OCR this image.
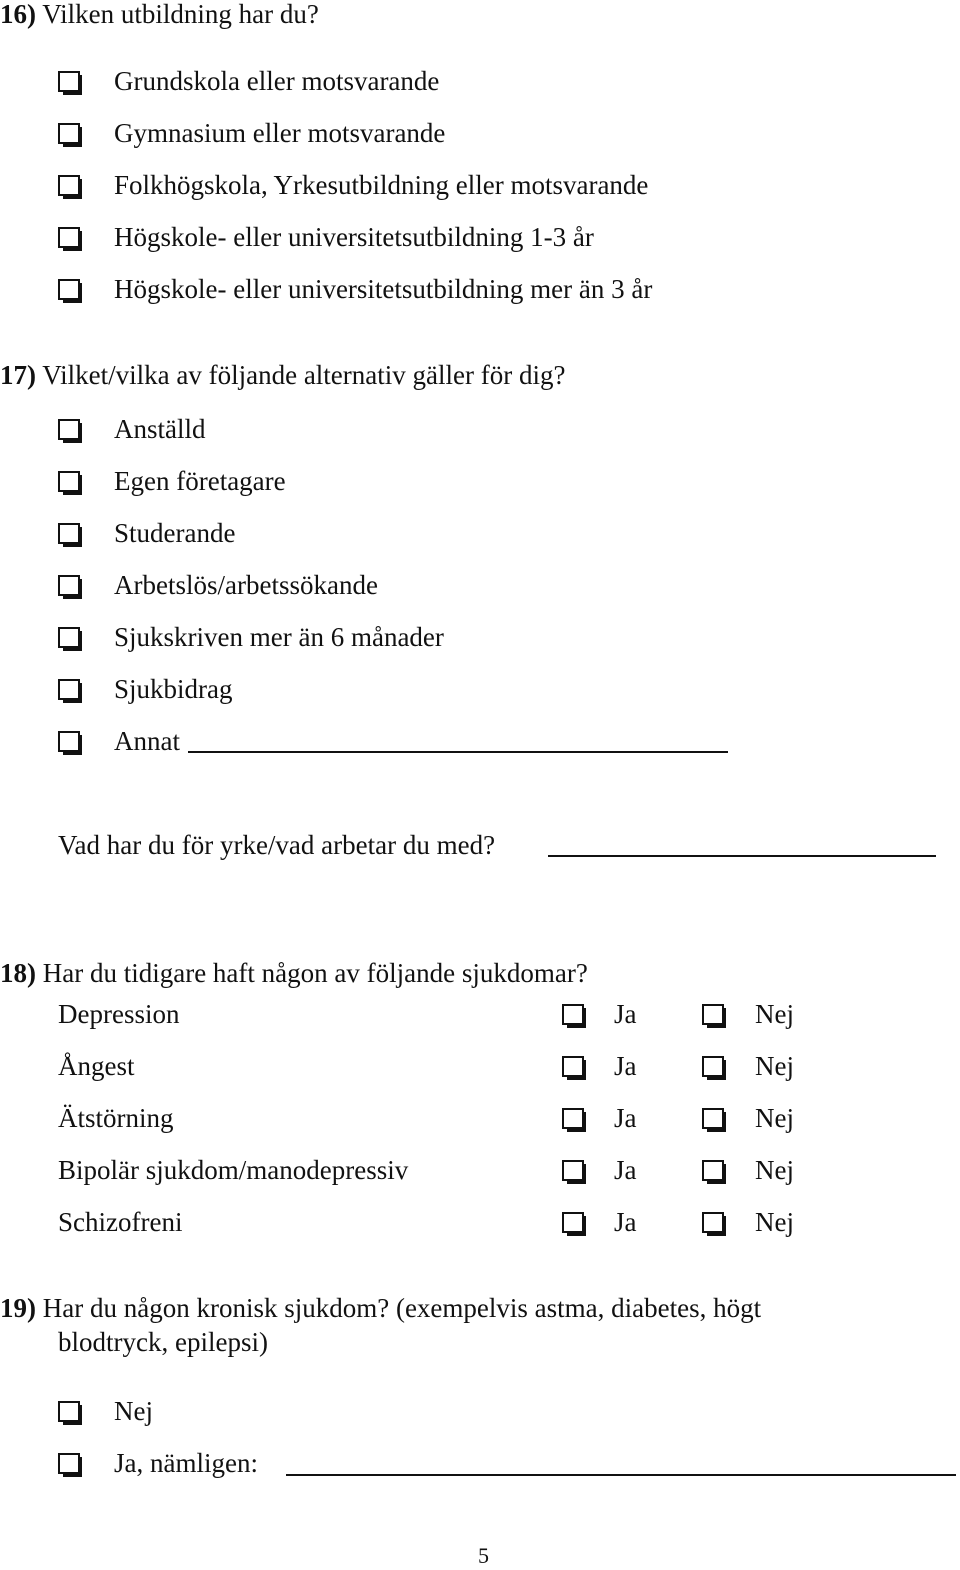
16) Vilken utbildning har du?
Grundskola eller motsvarande
Gymnasium eller motsvarande
Folkhögskola, Yrkesutbildning eller motsvarande
Högskole- eller universitetsutbildning 1-3 år
Högskole- eller universitetsutbildning mer än 3 år
17) Vilket/vilka av följande alternativ gäller för dig?
Anställd
Egen företagare
Studerande
Arbetslös/arbetssökande
Sjukskriven mer än 6 månader
Sjukbidrag
Annat
Vad har du för yrke/vad arbetar du med?
18) Har du tidigare haft någon av följande sjukdomar?
Depression	Ja	Nej
Ångest	Ja	Nej
Ätstörning	Ja	Nej
Bipolär sjukdom/manodepressiv	Ja	Nej
Schizofreni	Ja	Nej
19) Har du någon kronisk sjukdom? (exempelvis astma, diabetes, högt
blodtryck, epilepsi)
Nej
Ja, nämligen:
5
